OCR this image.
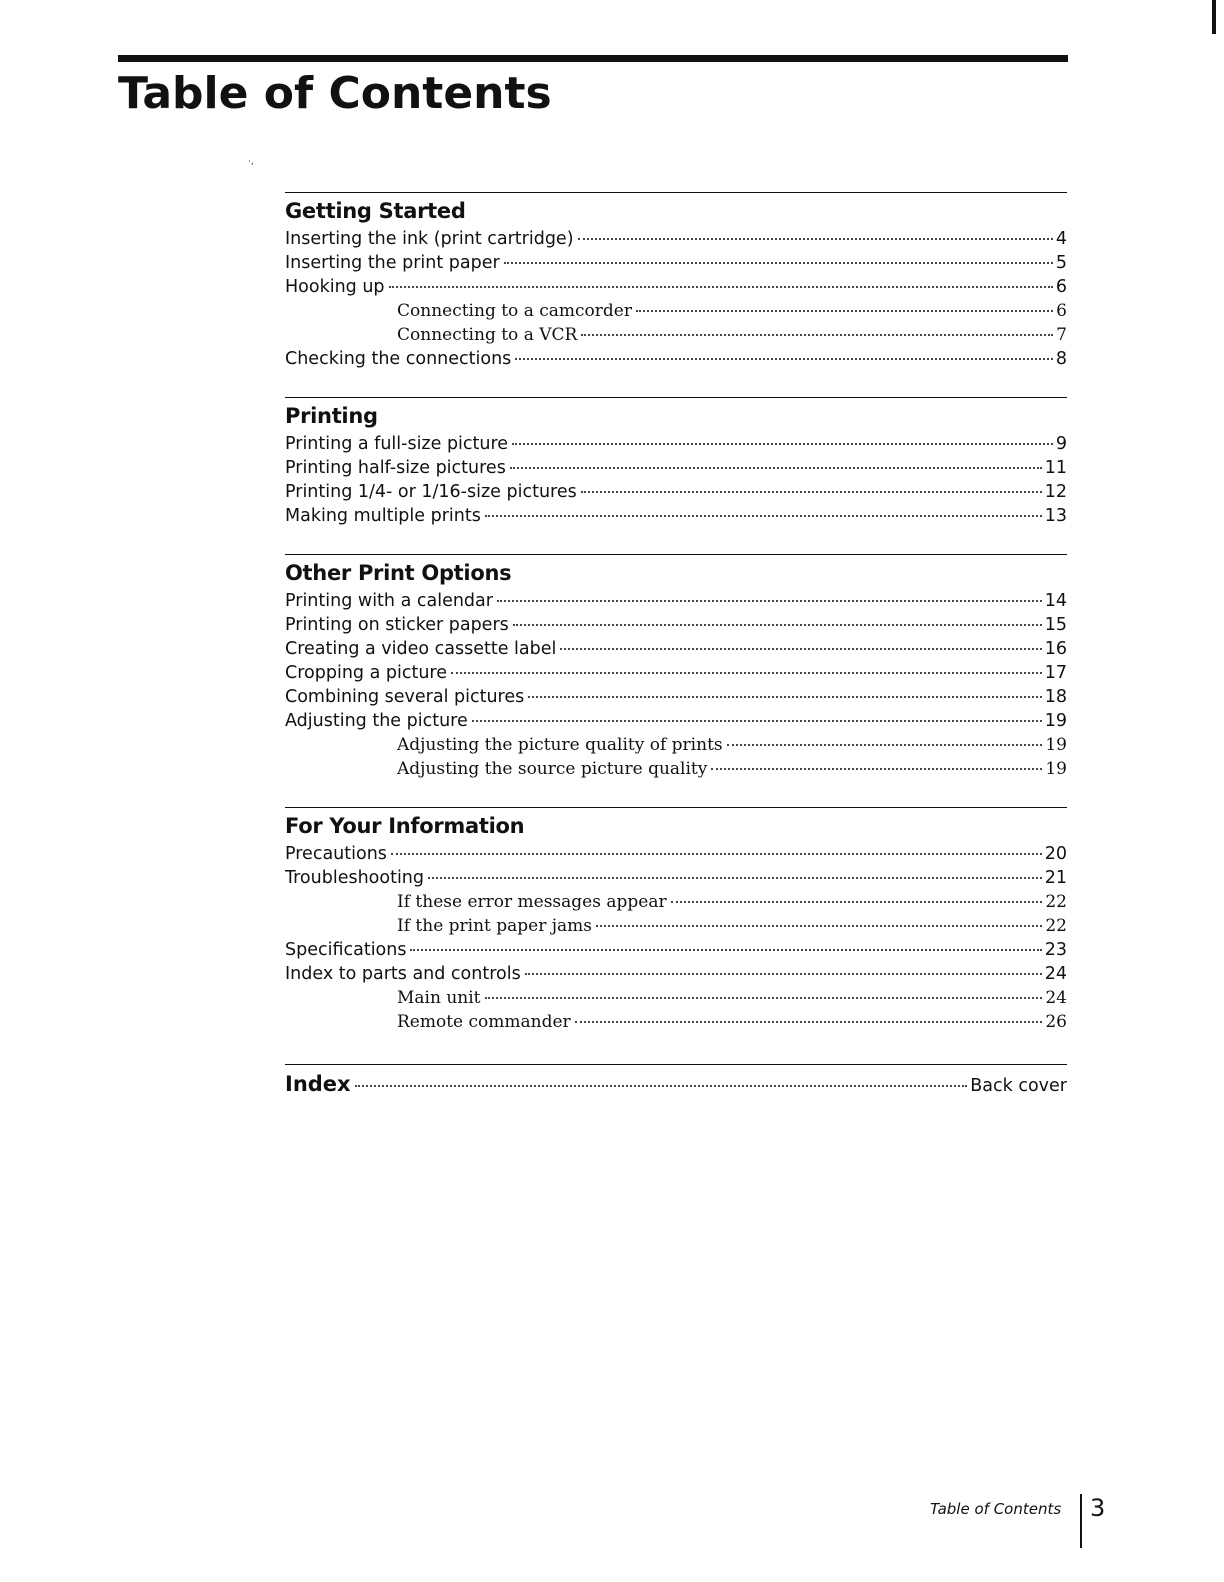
Table of Contents
·,
Getting Started
Inserting the ink (print cartridge)	4
Inserting the print paper	5
Hooking up	6
Connecting to a camcorder	6
Connecting to a VCR	7
Checking the connections	8
Printing
Printing a full-size picture	9
Printing half-size pictures	11
Printing 1/4- or 1/16-size pictures	12
Making multiple prints	13
Other Print Options
Printing with a calendar	14
Printing on sticker papers	15
Creating a video cassette label	16
Cropping a picture	17
Combining several pictures	18
Adjusting the picture	19
Adjusting the picture quality of prints	19
Adjusting the source picture quality	19
For Your Information
Precautions	20
Troubleshooting	21
If these error messages appear	22
If the print paper jams	22
Specifications	23
Index to parts and controls	24
Main unit	24
Remote commander	26
Index	Back cover
Table of Contents 3
